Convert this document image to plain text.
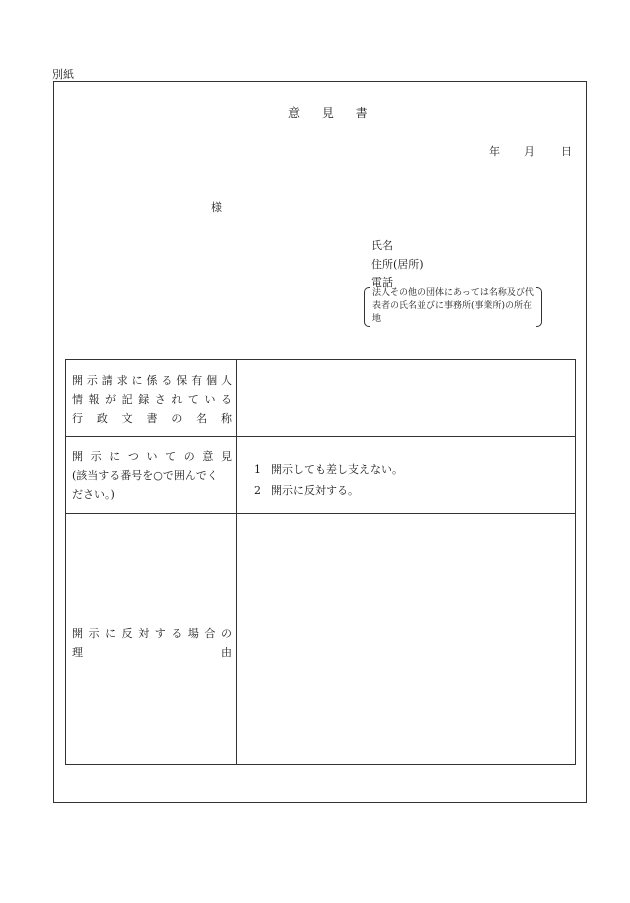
別紙
意 見 書
年 月 日
様
氏名
住所(居所)
電話
法人その他の団体にあっては名称及び代表者の氏名並びに事務所(事業所)の所在地
開示請求に係る保有個人
情報が記録されている
行 政 文 書 の 名 称
開 示 に つ い て の 意 見
(該当する番号を○で囲んでく
ださい。)
1 開示しても差し支えない。
2 開示に反対する。
開示に反対する場合の
理 由
